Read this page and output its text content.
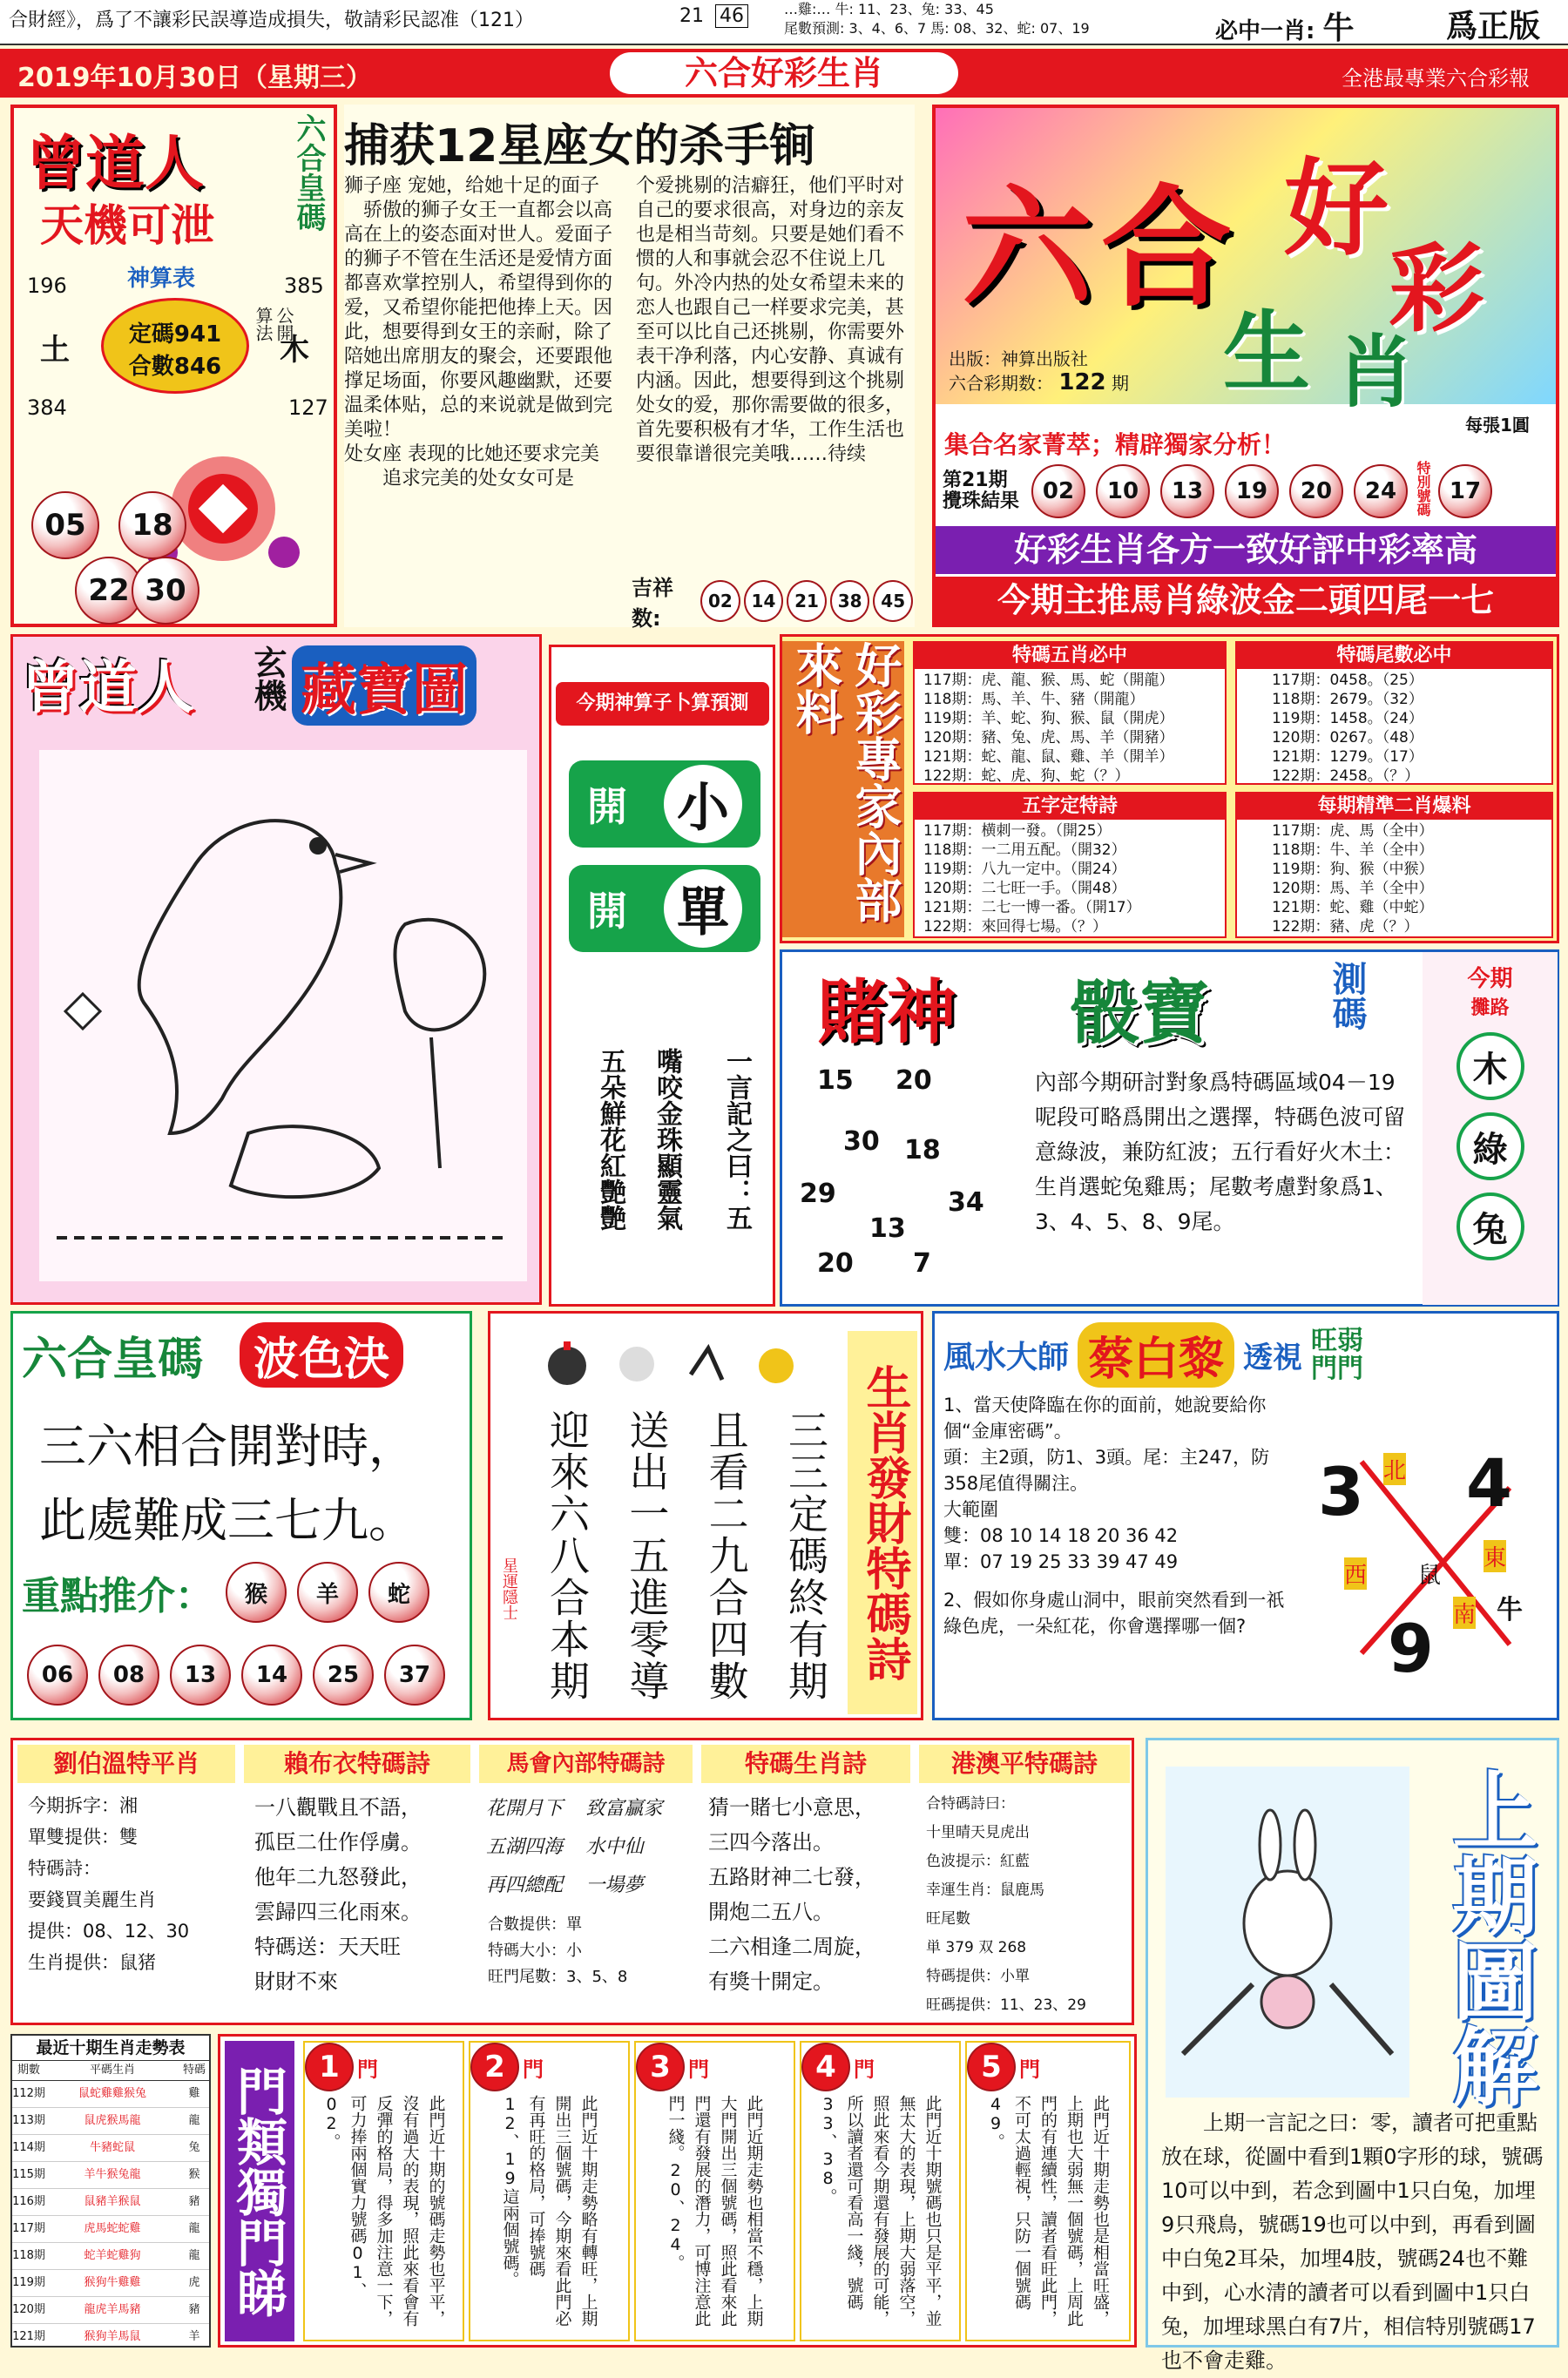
合財經》，爲了不讓彩民誤導造成損失，敬請彩民認准（121）	21 46	…雞:… 牛: 11、23、兔: 33、45
尾數預測: 3、4、6、7 馬: 08、32、蛇: 07、19	必中一肖: 牛	爲正版
2019年10月30日（星期三）	六合好彩生肖	全港最專業六合彩報
曾道人
天機可泄
神算表
196	385
土	木
定碼941
合數846
算法 公開
384	127
05	18
22 30
六合皇碼 捕获12星座女的杀手锏
狮子座 宠她，给她十足的面子
　骄傲的狮子女王一直都会以高高在上的姿态面对世人。爱面子的狮子不管在生活还是爱情方面都喜欢掌控别人，希望得到你的爱，又希望你能把他捧上天。因此，想要得到女王的亲耐，除了陪她出席朋友的聚会，还要跟他撑足场面，你要风趣幽默，还要温柔体贴，总的来说就是做到完美啦！
处女座 表现的比她还要求完美
　　追求完美的处女女可是
个爱挑剔的洁癖狂，他们平时对自己的要求很高，对身边的亲友也是相当苛刻。只要是她们看不惯的人和事就会忍不住说上几句。外冷内热的处女希望未来的恋人也跟自己一样要求完美，甚至可以比自己还挑剔，你需要外表干净利落，内心安静、真诚有内涵。因此，想要得到这个挑剔处女的爱，那你需要做的很多，首先要积极有才华，工作生活也要很靠谱很完美哦……待续
吉祥数:
02	14	21	38	45
六 合 好
彩
生 肖
出版：神算出版社
六合彩期数： 122 期
每張1圓
集合名家菁萃；精辟獨家分析！
第21期
攪珠結果	02	10	13	19	20	24	特別號碼 17
好彩生肖各方一致好評中彩率高
今期主推馬肖綠波金二頭四尾一七
曾道人 玄機 藏寶圖	今期神算子卜算預測
開 小
開 單
一言記之曰：五
嘴咬金珠顯靈氣
五朵鮮花紅艷艷
好彩專家內部來料	特碼五肖必中
117期：虎、龍、猴、馬、蛇（開龍）
118期：馬、羊、牛、豬（開龍）
119期：羊、蛇、狗、猴、鼠（開虎）
120期：豬、兔、虎、馬、羊（開豬）
121期：蛇、龍、鼠、雞、羊（開羊）
122期：蛇、虎、狗、蛇（？）
特碼尾數必中
117期：0458。（25）
118期：2679。（32）
119期：1458。（24）
120期：0267。（48）
121期：1279。（17）
122期：2458。（？）
五字定特詩
117期：横刺一發。（開25）
118期：一二用五配。（開32）
119期：八九一定中。（開24）
120期：二七旺一手。（開48）
121期：二七一博一番。（開17）
122期：來回得七場。（？）
每期精準二肖爆料
117期：虎、馬（全中）
118期：牛、羊（全中）
119期：狗、猴（中猴）
120期：馬、羊（全中）
121期：蛇、雞（中蛇）
122期：豬、虎（？）
賭神 骰寶	測碼
15 20
30 18
29	34
13
20 7
內部今期研討對象爲特碼區域04－19呢段可略爲開出之選擇，特碼色波可留意綠波，兼防紅波；五行看好火木土：生肖選蛇兔雞馬；尾數考慮對象爲1、3、4、5、8、9尾。
今期
攤路
木
綠
兔
六合皇碼	波色決
三六相合開對時，
此處難成三七九。
重點推介：	猴	羊	蛇
06	08	13	14	25	37	三三定碼終有期
且看二九合四數
送出一五進零導
迎來六八合本期
星運隱士	生肖發財特碼詩
風水大師 蔡白黎 透視 旺弱門門
1、當天使降臨在你的面前，她說要給你個“金庫密碼”。
頭：主2頭，防1、3頭。尾：主247，防358尾值得關注。
大範圍
雙：08 10 14 18 20 36 42
單：07 19 25 33 39 47 49
2、假如你身處山洞中，眼前突然看到一祇綠色虎，一朵紅花，你會選擇哪一個?
3 4
9
北
西 鼠
東
南 牛
劉伯溫特平肖
今期拆字：湘
單雙提供：雙
特碼詩：
要錢買美麗生肖
提供：08、12、30
生肖提供：鼠猪
賴布衣特碼詩
一八觀戰且不語，
孤臣二仕作俘虜。
他年二九怒發此，
雲歸四三化雨來。
特碼送：天天旺
財財不來
馬會內部特碼詩
花開月下	致富贏家
五湖四海	水中仙
再四總配	一場夢
合數提供：單
特碼大小：小
旺門尾數：3、5、8
特碼生肖詩
猜一賭七小意思，
三四今落出。
五路財神二七發，
開炮二五八。
二六相逢二周旋，
有獎十開定。
港澳平特碼詩
合特碼詩曰：
十里晴天見虎出
色波提示：紅藍
幸運生肖：鼠鹿馬
旺尾數
単 379 双 268
特碼提供：小單
旺碼提供：11、23、29	上期圖解
上期一言記之曰：零，讀者可把重點放在球，從圖中看到1顆0字形的球，號碼10可以中到，若念到圖中1只白兔，加埋9只飛鳥，號碼19也可以中到，再看到圖中白兔2耳朵，加埋4肢，號碼24也不難中到，心水清的讀者可以看到圖中1只白兔，加埋球黑白有7片，相信特別號碼17也不會走雞。
最近十期生肖走勢表
期數	平碼生肖	特碼
112期	鼠蛇雞雞猴兔	雞
113期	鼠虎猴馬龍	龍
114期	牛豬蛇鼠	兔
115期	羊牛猴兔龍	猴
116期	鼠豬羊猴鼠	豬
117期	虎馬蛇蛇雞	龍
118期	蛇羊蛇雞狗	龍
119期	猴狗牛雞雞	虎
120期	龍虎羊馬豬	豬
121期	猴狗羊馬鼠	羊
門類獨門睇	1 門
此門近十期的號碼走勢也平平，沒有過大的表現，照此來看會有反彈的格局，得多加注意一下，可力捧兩個實力號碼01、02。
2 門
此門近十期走勢略有轉旺，上期開出三個號碼，今期來看此門必有再旺的格局，可捧號碼12、19這兩個號碼。
3 門
此門近期走勢也相當不穩，上期大門開出三個號碼，照此看來此門還有發展的潛力，可博注意此門一綫。20、24。
4 門
此門近十期號碼也只是平平，並無太大的表現，上期大弱落空，照此來看今期還有發展的可能，所以讀者還可看高一綫，號碼33、38。
5 門
此門近十期走勢也是相當旺盛，上期也大弱無一個號碼，上周此門的有連續性，讀者看旺此門，不可太過輕視，只防一個號碼49。
